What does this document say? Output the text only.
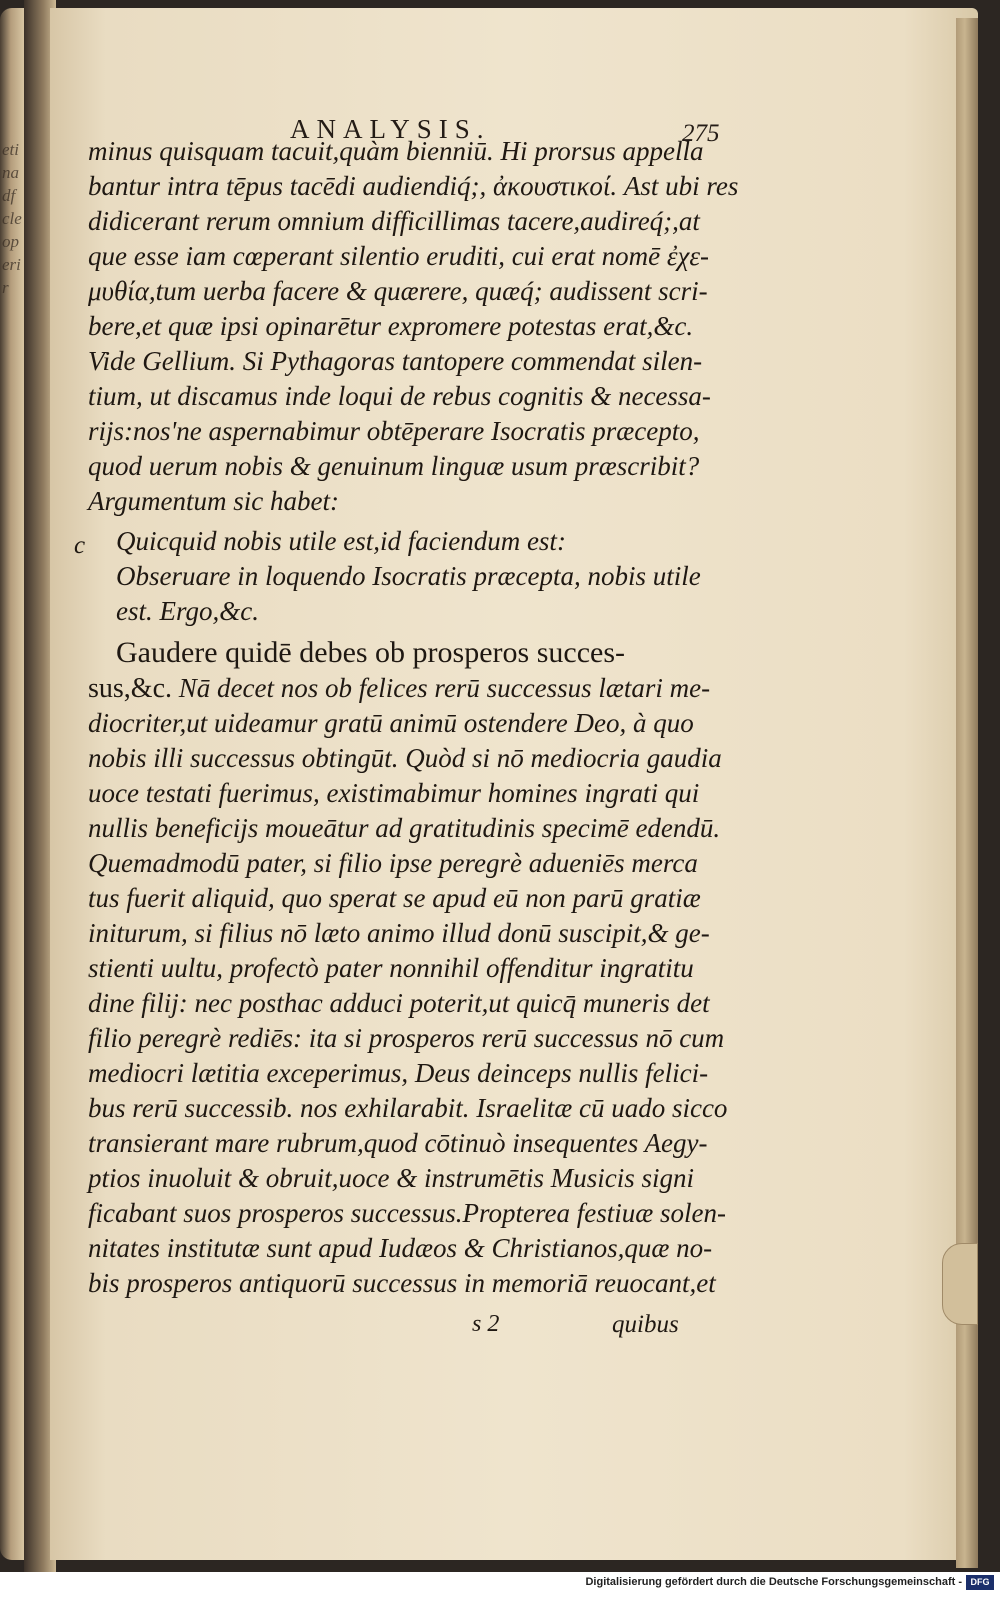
etinadfcleoperir
ANALYSIS.	275
minus quisquam tacuit,quàm bienniū. Hi prorsus appella
bantur intra tēpus tacēdi audiendiq́;, ἀκουστικοί. Ast ubi res
didicerant rerum omnium difficillimas tacere,audireq́;,at
que esse iam cœperant silentio eruditi, cui erat nomē ἐχε-
μυθία,tum uerba facere & quærere, quæq́; audissent scri-
bere,et quæ ipsi opinarētur expromere potestas erat,&c.
Vide Gellium. Si Pythagoras tantopere commendat silen-
tium, ut discamus inde loqui de rebus cognitis & necessa-
rijs:nos'ne aspernabimur obtēperare Isocratis præcepto,
quod uerum nobis & genuinum linguæ usum præscribit?
Argumentum sic habet:
Quicquid nobis utile est,id faciendum est:
Obseruare in loquendo Isocratis præcepta, nobis utile
est. Ergo,&c.
Gaudere quidē debes ob prosperos succes-
sus,&c. Nā decet nos ob felices rerū successus lætari me-
diocriter,ut uideamur gratū animū ostendere Deo, à quo
nobis illi successus obtingūt. Quòd si nō mediocria gaudia
uoce testati fuerimus, existimabimur homines ingrati qui
nullis beneficijs moueātur ad gratitudinis specimē edendū.
Quemadmodū pater, si filio ipse peregrè adueniēs merca
tus fuerit aliquid, quo sperat se apud eū non parū gratiæ
initurum, si filius nō læto animo illud donū suscipit,& ge-
stienti uultu, profectò pater nonnihil offenditur ingratitu
dine filij: nec posthac adduci poterit,ut quicq̄ muneris det
filio peregrè rediēs: ita si prosperos rerū successus nō cum
mediocri lætitia exceperimus, Deus deinceps nullis felici-
bus rerū successib. nos exhilarabit. Israelitæ cū uado sicco
transierant mare rubrum,quod cōtinuò insequentes Aegy-
ptios inuoluit & obruit,uoce & instrumētis Musicis signi
ficabant suos prosperos successus.Propterea festiuæ solen-
nitates institutæ sunt apud Iudæos & Christianos,quæ no-
bis prosperos antiquorū successus in memoriā reuocant,et
c
s 2	quibus
Digitalisierung gefördert durch die Deutsche Forschungsgemeinschaft - DFG
